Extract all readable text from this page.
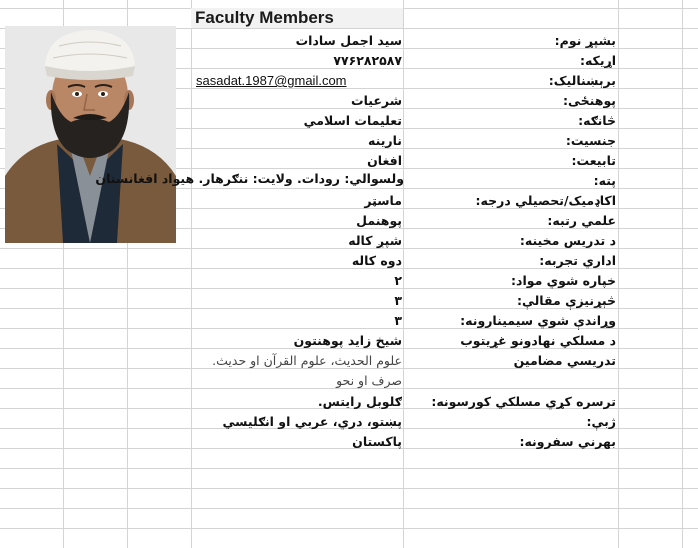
Faculty Members
بشپړ نوم:
سيد اجمل سادات
اړيکه:
۷۷۶۲۸۲۵۸۷
برېښناليک:
sasadat.1987@gmail.com
پوهنځی:
شرعيات
څانګه:
تعليمات اسلامي
جنسيت:
نارینه
تابيعت:
افغان
پته:
ولسوالي: رودات. ولايت: ننګرهار. هيواد افغانستان
اکاډميک/تحصيلي درجه:
ماسټر
علمي رتبه:
پوهنمل
د تدريس مخينه:
شپږ کاله
اداري تجربه:
دوه کاله
خپاره شوي مواد:
۲
څېړنيزې مقالې:
۳
وړاندې شوي سيمينارونه:
۳
د مسلکي نهادونو غړيتوب
شيخ زايد پوهنتون
تدريسي مضامين
علوم الحديث، علوم القرآن او حديث.
صرف او نحو
ترسره کړي مسلکي کورسونه:
ګلوبل رايتس.
ژبې:
پښتو، دري، عربي او انګليسي
بهرني سفرونه:
پاکستان
